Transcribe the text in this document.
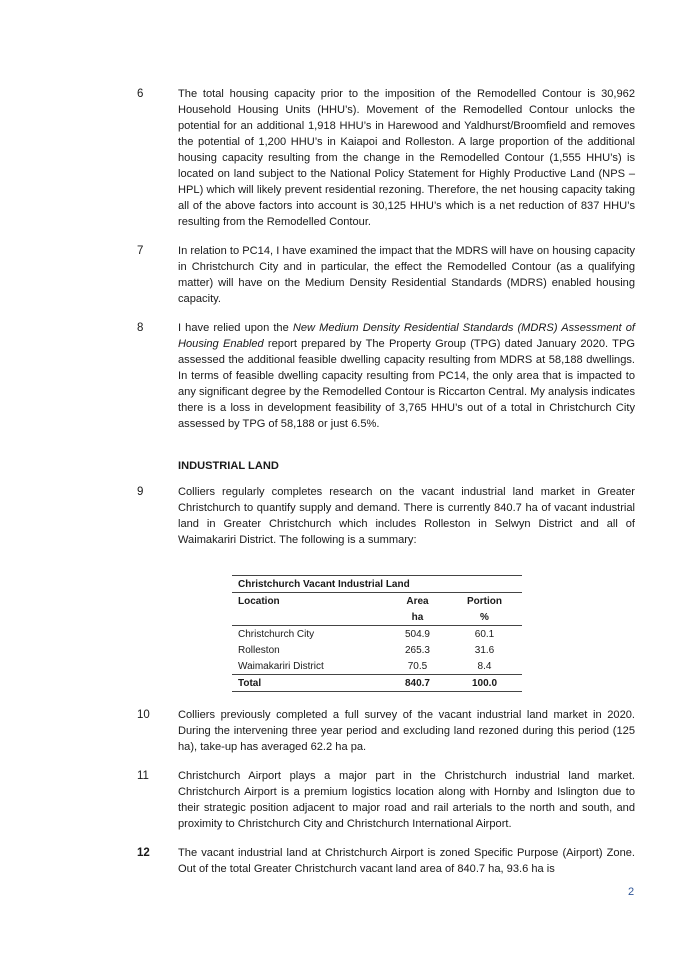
6	The total housing capacity prior to the imposition of the Remodelled Contour is 30,962 Household Housing Units (HHU’s). Movement of the Remodelled Contour unlocks the potential for an additional 1,918 HHU’s in Harewood and Yaldhurst/Broomfield and removes the potential of 1,200 HHU’s in Kaiapoi and Rolleston. A large proportion of the additional housing capacity resulting from the change in the Remodelled Contour (1,555 HHU’s) is located on land subject to the National Policy Statement for Highly Productive Land (NPS – HPL) which will likely prevent residential rezoning. Therefore, the net housing capacity taking all of the above factors into account is 30,125 HHU’s which is a net reduction of 837 HHU’s resulting from the Remodelled Contour.
7	In relation to PC14, I have examined the impact that the MDRS will have on housing capacity in Christchurch City and in particular, the effect the Remodelled Contour (as a qualifying matter) will have on the Medium Density Residential Standards (MDRS) enabled housing capacity.
8	I have relied upon the New Medium Density Residential Standards (MDRS) Assessment of Housing Enabled report prepared by The Property Group (TPG) dated January 2020. TPG assessed the additional feasible dwelling capacity resulting from MDRS at 58,188 dwellings. In terms of feasible dwelling capacity resulting from PC14, the only area that is impacted to any significant degree by the Remodelled Contour is Riccarton Central. My analysis indicates there is a loss in development feasibility of 3,765 HHU’s out of a total in Christchurch City assessed by TPG of 58,188 or just 6.5%.
INDUSTRIAL LAND
9	Colliers regularly completes research on the vacant industrial land market in Greater Christchurch to quantify supply and demand. There is currently 840.7 ha of vacant industrial land in Greater Christchurch which includes Rolleston in Selwyn District and all of Waimakariri District. The following is a summary:
Christchurch Vacant Industrial Land		
Location	Area	Portion
	ha	%
Christchurch City	504.9	60.1
Rolleston	265.3	31.6
Waimakariri District	70.5	8.4
Total	840.7	100.0
10	Colliers previously completed a full survey of the vacant industrial land market in 2020. During the intervening three year period and excluding land rezoned during this period (125 ha), take-up has averaged 62.2 ha pa.
11	Christchurch Airport plays a major part in the Christchurch industrial land market. Christchurch Airport is a premium logistics location along with Hornby and Islington due to their strategic position adjacent to major road and rail arterials to the north and south, and proximity to Christchurch City and Christchurch International Airport.
12	The vacant industrial land at Christchurch Airport is zoned Specific Purpose (Airport) Zone. Out of the total Greater Christchurch vacant land area of 840.7 ha, 93.6 ha is
2
